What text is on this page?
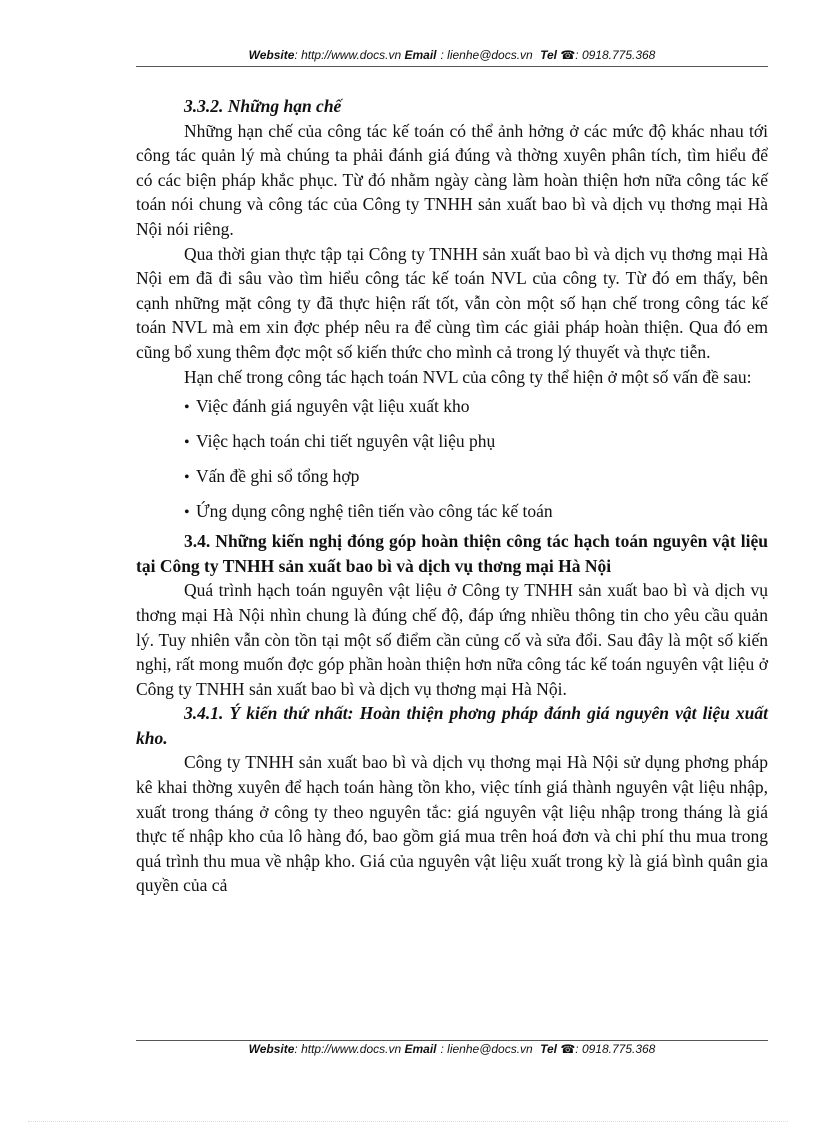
Website: http://www.docs.vn Email : lienhe@docs.vn Tel ☎: 0918.775.368

3.3.2. Những hạn chế

Những hạn chế của công tác kế toán có thể ảnh hởng ở các mức độ khác nhau tới công tác quản lý mà chúng ta phải đánh giá đúng và thờng xuyên phân tích, tìm hiểu để có các biện pháp khắc phục. Từ đó nhằm ngày càng làm hoàn thiện hơn nữa công tác kế toán nói chung và công tác của Công ty TNHH sản xuất bao bì và dịch vụ thơng mại Hà Nội nói riêng.

Qua thời gian thực tập tại Công ty TNHH sản xuất bao bì và dịch vụ thơng mại Hà Nội em đã đi sâu vào tìm hiểu công tác kế toán NVL của công ty. Từ đó em thấy, bên cạnh những mặt công ty đã thực hiện rất tốt, vẫn còn một số hạn chế trong công tác kế toán NVL mà em xin đợc phép nêu ra để cùng tìm các giải pháp hoàn thiện. Qua đó em cũng bổ xung thêm đợc một số kiến thức cho mình cả trong lý thuyết và thực tiễn.

Hạn chế trong công tác hạch toán NVL của công ty thể hiện ở một số vấn đề sau:

• Việc đánh giá nguyên vật liệu xuất kho

• Việc hạch toán chi tiết nguyên vật liệu phụ

• Vấn đề ghi sổ tổng hợp

• Ứng dụng công nghệ tiên tiến vào công tác kế toán

3.4. Những kiến nghị đóng góp hoàn thiện công tác hạch toán nguyên vật liệu tại Công ty TNHH sản xuất bao bì và dịch vụ thơng mại Hà Nội

Quá trình hạch toán nguyên vật liệu ở Công ty TNHH sản xuất bao bì và dịch vụ thơng mại Hà Nội nhìn chung là đúng chế độ, đáp ứng nhiều thông tin cho yêu cầu quản lý. Tuy nhiên vẫn còn tồn tại một số điểm cần củng cố và sửa đổi. Sau đây là một số kiến nghị, rất mong muốn đợc góp phần hoàn thiện hơn nữa công tác kế toán nguyên vật liệu ở Công ty TNHH sản xuất bao bì và dịch vụ thơng mại Hà Nội.

3.4.1. Ý kiến thứ nhất: Hoàn thiện phơng pháp đánh giá nguyên vật liệu xuất kho.

Công ty TNHH sản xuất bao bì và dịch vụ thơng mại Hà Nội sử dụng phơng pháp kê khai thờng xuyên để hạch toán hàng tồn kho, việc tính giá thành nguyên vật liệu nhập, xuất trong tháng ở công ty theo nguyên tắc: giá nguyên vật liệu nhập trong tháng là giá thực tế nhập kho của lô hàng đó, bao gồm giá mua trên hoá đơn và chi phí thu mua trong quá trình thu mua về nhập kho. Giá của nguyên vật liệu xuất trong kỳ là giá bình quân gia quyền của cả

Website: http://www.docs.vn Email : lienhe@docs.vn Tel ☎: 0918.775.368
